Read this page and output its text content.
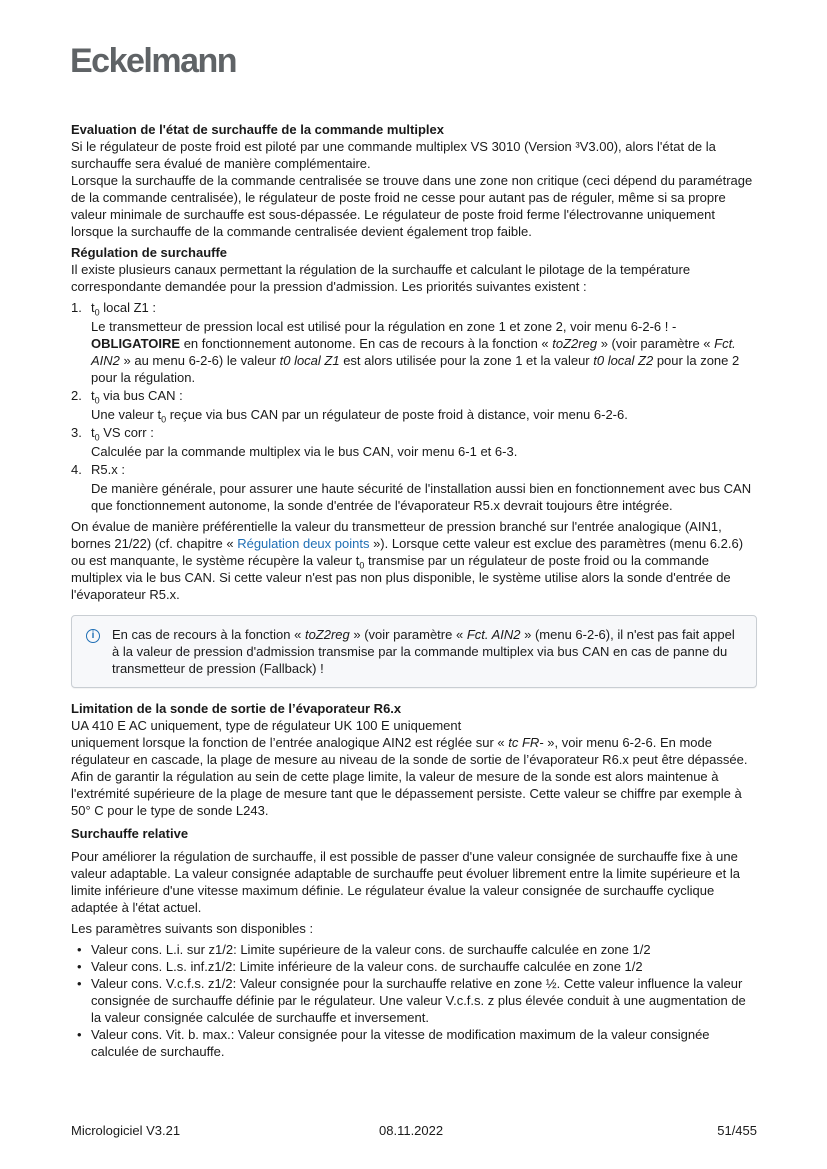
Eckelmann

Evaluation de l'état de surchauffe de la commande multiplex

Si le régulateur de poste froid est piloté par une commande multiplex VS 3010 (Version ³V3.00), alors l'état de la surchauffe sera évalué de manière complémentaire.

Lorsque la surchauffe de la commande centralisée se trouve dans une zone non critique (ceci dépend du paramétrage de la commande centralisée), le régulateur de poste froid ne cesse pour autant pas de réguler, même si sa propre valeur minimale de surchauffe est sous-dépassée. Le régulateur de poste froid ferme l'électrovanne uniquement lorsque la surchauffe de la commande centralisée devient également trop faible.

Régulation de surchauffe

Il existe plusieurs canaux permettant la régulation de la surchauffe et calculant le pilotage de la température correspondante demandée pour la pression d'admission. Les priorités suivantes existent :

1. $t_0$ local Z1 :
Le transmetteur de pression local est utilisé pour la régulation en zone 1 et zone 2, voir menu 6-2-6 ! - OBLIGATOIRE en fonctionnement autonome. En cas de recours à la fonction « toZ2reg » (voir paramètre « Fct. AIN2 » au menu 6-2-6) le valeur t0 local Z1 est alors utilisée pour la zone 1 et la valeur t0 local Z2 pour la zone 2 pour la régulation.
2. $t_0$ via bus CAN :
Une valeur $t_0$ reçue via bus CAN par un régulateur de poste froid à distance, voir menu 6-2-6.
3. $t_0$ VS corr :
Calculée par la commande multiplex via le bus CAN, voir menu 6-1 et 6-3.
4. R5.x :
De manière générale, pour assurer une haute sécurité de l'installation aussi bien en fonctionnement avec bus CAN que fonctionnement autonome, la sonde d'entrée de l'évaporateur R5.x devrait toujours être intégrée.

On évalue de manière préférentielle la valeur du transmetteur de pression branché sur l'entrée analogique (AIN1, bornes 21/22) (cf. chapitre « Régulation deux points »). Lorsque cette valeur est exclue des paramètres (menu 6.2.6) ou est manquante, le système récupère la valeur $t_0$ transmise par un régulateur de poste froid ou la commande multiplex via le bus CAN. Si cette valeur n'est pas non plus disponible, le système utilise alors la sonde d'entrée de l'évaporateur R5.x.

i	En cas de recours à la fonction « toZ2reg » (voir paramètre « Fct. AIN2 » (menu 6-2-6), il n'est pas fait appel à la valeur de pression d'admission transmise par la commande multiplex via bus CAN en cas de panne du transmetteur de pression (Fallback) !

Limitation de la sonde de sortie de l’évaporateur R6.x

UA 410 E AC uniquement, type de régulateur UK 100 E uniquement

uniquement lorsque la fonction de l’entrée analogique AIN2 est réglée sur « tc FR- », voir menu 6-2-6. En mode régulateur en cascade, la plage de mesure au niveau de la sonde de sortie de l’évaporateur R6.x peut être dépassée. Afin de garantir la régulation au sein de cette plage limite, la valeur de mesure de la sonde est alors maintenue à l'extrémité supérieure de la plage de mesure tant que le dépassement persiste. Cette valeur se chiffre par exemple à 50° C pour le type de sonde L243.

Surchauffe relative

Pour améliorer la régulation de surchauffe, il est possible de passer d'une valeur consignée de surchauffe fixe à une valeur adaptable. La valeur consignée adaptable de surchauffe peut évoluer librement entre la limite supérieure et la limite inférieure d'une vitesse maximum définie. Le régulateur évalue la valeur consignée de surchauffe cyclique adaptée à l'état actuel.

Les paramètres suivants son disponibles :

• Valeur cons. L.i. sur z1/2: Limite supérieure de la valeur cons. de surchauffe calculée en zone 1/2
• Valeur cons. L.s. inf.z1/2: Limite inférieure de la valeur cons. de surchauffe calculée en zone 1/2
• Valeur cons. V.c.f.s. z1/2: Valeur consignée pour la surchauffe relative en zone ½. Cette valeur influence la valeur consignée de surchauffe définie par le régulateur. Une valeur V.c.f.s. z plus élevée conduit à une augmentation de la valeur consignée calculée de surchauffe et inversement.
• Valeur cons. Vit. b. max.: Valeur consignée pour la vitesse de modification maximum de la valeur consignée calculée de surchauffe.
Micrologiciel V3.21	08.11.2022	51/455
